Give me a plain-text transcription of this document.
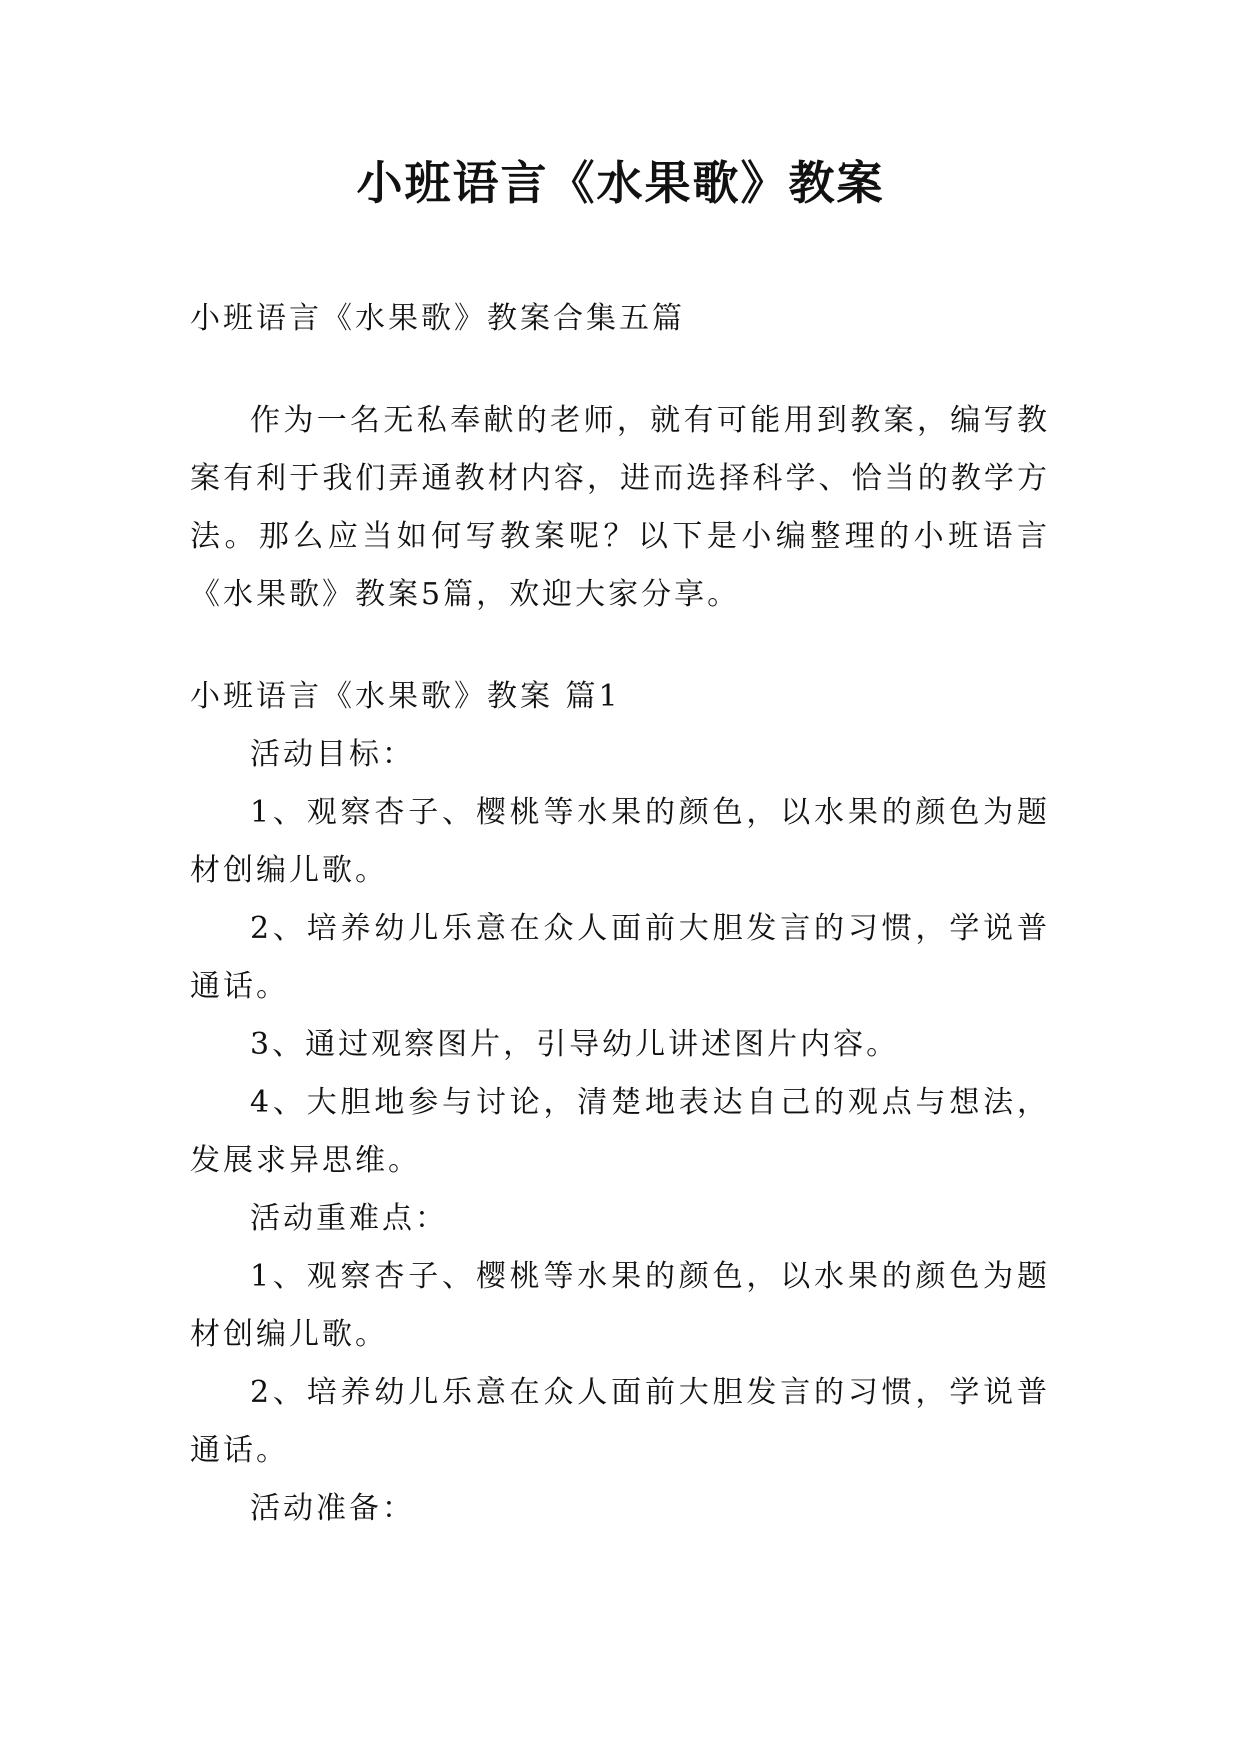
小班语言《水果歌》教案

小班语言《水果歌》教案合集五篇

作为一名无私奉献的老师，就有可能用到教案，编写教案有利于我们弄通教材内容，进而选择科学、恰当的教学方法。那么应当如何写教案呢？以下是小编整理的小班语言《水果歌》教案5篇，欢迎大家分享。

小班语言《水果歌》教案 篇1

活动目标：

1、观察杏子、樱桃等水果的颜色，以水果的颜色为题材创编儿歌。

2、培养幼儿乐意在众人面前大胆发言的习惯，学说普通话。

3、通过观察图片，引导幼儿讲述图片内容。

4、大胆地参与讨论，清楚地表达自己的观点与想法，发展求异思维。

活动重难点：

1、观察杏子、樱桃等水果的颜色，以水果的颜色为题材创编儿歌。

2、培养幼儿乐意在众人面前大胆发言的习惯，学说普通话。

活动准备：
